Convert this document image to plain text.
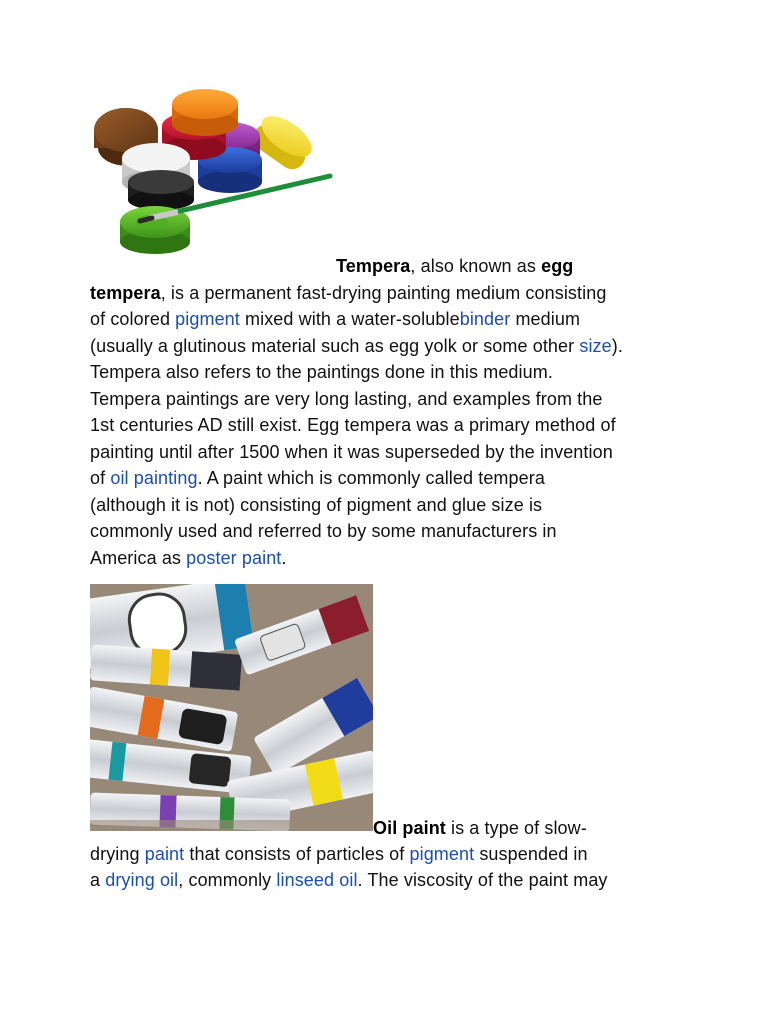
Tempera, also known as egg
tempera, is a permanent fast-drying painting medium consisting
of colored pigment mixed with a water-solublebinder medium
(usually a glutinous material such as egg yolk or some other size).
Tempera also refers to the paintings done in this medium.
Tempera paintings are very long lasting, and examples from the
1st centuries AD still exist. Egg tempera was a primary method of
painting until after 1500 when it was superseded by the invention
of oil painting. A paint which is commonly called tempera
(although it is not) consisting of pigment and glue size is
commonly used and referred to by some manufacturers in
America as poster paint.
Oil paint is a type of slow-
drying paint that consists of particles of pigment suspended in
a drying oil, commonly linseed oil. The viscosity of the paint may
